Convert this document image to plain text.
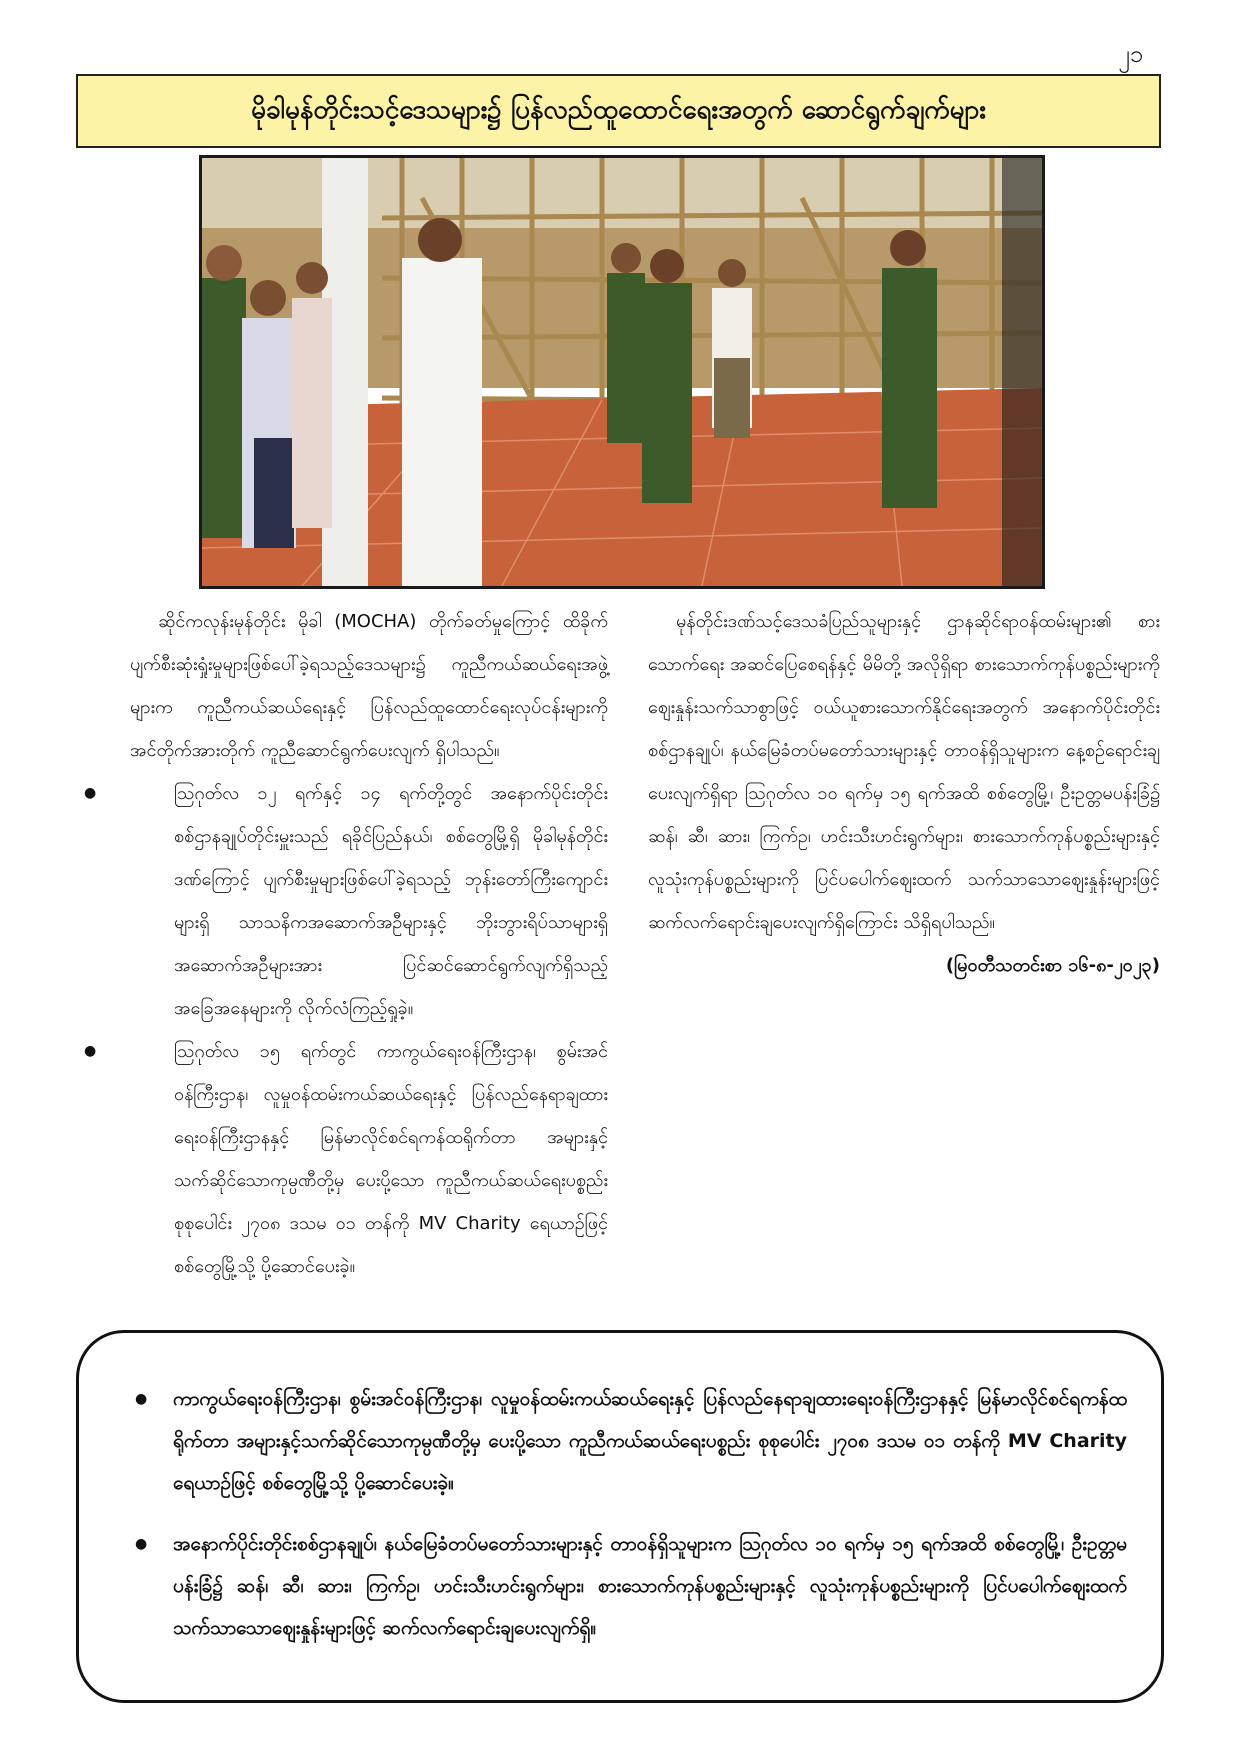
၂၁
မိုခါမုန်တိုင်းသင့်ဒေသများ၌ ပြန်လည်ထူထောင်ရေးအတွက် ဆောင်ရွက်ချက်များ

ဆိုင်ကလုန်းမုန်တိုင်း မိုခါ (MOCHA) တိုက်ခတ်မှုကြောင့် ထိခိုက်ပျက်စီးဆုံးရှုံးမှုများဖြစ်ပေါ်ခဲ့ရသည့်ဒေသများ၌ ကူညီကယ်ဆယ်ရေးအဖွဲ့များက ကူညီကယ်ဆယ်ရေးနှင့် ပြန်လည်ထူထောင်ရေးလုပ်ငန်းများကို အင်တိုက်အားတိုက် ကူညီဆောင်ရွက်ပေးလျက် ရှိပါသည်။

● ဩဂုတ်လ ၁၂ ရက်နှင့် ၁၄ ရက်တို့တွင် အနောက်ပိုင်းတိုင်းစစ်ဌာနချုပ်တိုင်းမှူးသည် ရခိုင်ပြည်နယ်၊ စစ်တွေမြို့ရှိ မိုခါမုန်တိုင်းဒဏ်ကြောင့် ပျက်စီးမှုများဖြစ်ပေါ်ခဲ့ရသည့် ဘုန်းတော်ကြီးကျောင်းများရှိ သာသနိကအဆောက်အဦများနှင့် ဘိုးဘွားရိပ်သာများရှိ အဆောက်အဦများအား ပြင်ဆင်ဆောင်ရွက်လျက်ရှိသည့် အခြေအနေများကို လိုက်လံကြည့်ရှုခဲ့။

● ဩဂုတ်လ ၁၅ ရက်တွင် ကာကွယ်ရေးဝန်ကြီးဌာန၊ စွမ်းအင်ဝန်ကြီးဌာန၊ လူမှုဝန်ထမ်းကယ်ဆယ်ရေးနှင့် ပြန်လည်နေရာချထားရေးဝန်ကြီးဌာနနှင့် မြန်မာလိုင်စင်ရကန်ထရိုက်တာ အများနှင့်သက်ဆိုင်သောကုမ္ပဏီတို့မှ ပေးပို့သော ကူညီကယ်ဆယ်ရေးပစ္စည်း စုစုပေါင်း ၂၇၀၈ ဒသမ ၀၁ တန်ကို MV Charity ရေယာဉ်ဖြင့် စစ်တွေမြို့သို့ ပို့ဆောင်ပေးခဲ့။

မုန်တိုင်းဒဏ်သင့်ဒေသခံပြည်သူများနှင့် ဌာနဆိုင်ရာဝန်ထမ်းများ၏ စားသောက်ရေး အဆင်ပြေစေရန်နှင့် မိမိတို့ အလိုရှိရာ စားသောက်ကုန်ပစ္စည်းများကို ဈေးနှုန်းသက်သာစွာဖြင့် ဝယ်ယူစားသောက်နိုင်ရေးအတွက် အနောက်ပိုင်းတိုင်းစစ်ဌာနချုပ်၊ နယ်မြေခံတပ်မတော်သားများနှင့် တာဝန်ရှိသူများက နေ့စဉ်ရောင်းချပေးလျက်ရှိရာ ဩဂုတ်လ ၁၀ ရက်မှ ၁၅ ရက်အထိ စစ်တွေမြို့၊ ဦးဥတ္တမပန်းခြံ၌ ဆန်၊ ဆီ၊ ဆား၊ ကြက်ဥ၊ ဟင်းသီးဟင်းရွက်များ၊ စားသောက်ကုန်ပစ္စည်းများနှင့် လူသုံးကုန်ပစ္စည်းများကို ပြင်ပပေါက်ဈေးထက် သက်သာသောဈေးနှုန်းများဖြင့် ဆက်လက်ရောင်းချပေးလျက်ရှိကြောင်း သိရှိရပါသည်။

(မြဝတီသတင်းစာ ၁၆-၈-၂၀၂၃)

● ကာကွယ်ရေးဝန်ကြီးဌာန၊ စွမ်းအင်ဝန်ကြီးဌာန၊ လူမှုဝန်ထမ်းကယ်ဆယ်ရေးနှင့် ပြန်လည်နေရာချထားရေးဝန်ကြီးဌာနနှင့် မြန်မာလိုင်စင်ရကန်ထရိုက်တာ အများနှင့်သက်ဆိုင်သောကုမ္ပဏီတို့မှ ပေးပို့သော ကူညီကယ်ဆယ်ရေးပစ္စည်း စုစုပေါင်း ၂၇၀၈ ဒသမ ၀၁ တန်ကို MV Charity ရေယာဉ်ဖြင့် စစ်တွေမြို့သို့ ပို့ဆောင်ပေးခဲ့။

● အနောက်ပိုင်းတိုင်းစစ်ဌာနချုပ်၊ နယ်မြေခံတပ်မတော်သားများနှင့် တာဝန်ရှိသူများက ဩဂုတ်လ ၁၀ ရက်မှ ၁၅ ရက်အထိ စစ်တွေမြို့၊ ဦးဥတ္တမပန်းခြံ၌ ဆန်၊ ဆီ၊ ဆား၊ ကြက်ဥ၊ ဟင်းသီးဟင်းရွက်များ၊ စားသောက်ကုန်ပစ္စည်းများနှင့် လူသုံးကုန်ပစ္စည်းများကို ပြင်ပပေါက်ဈေးထက် သက်သာသောဈေးနှုန်းများဖြင့် ဆက်လက်ရောင်းချပေးလျက်ရှိ။
